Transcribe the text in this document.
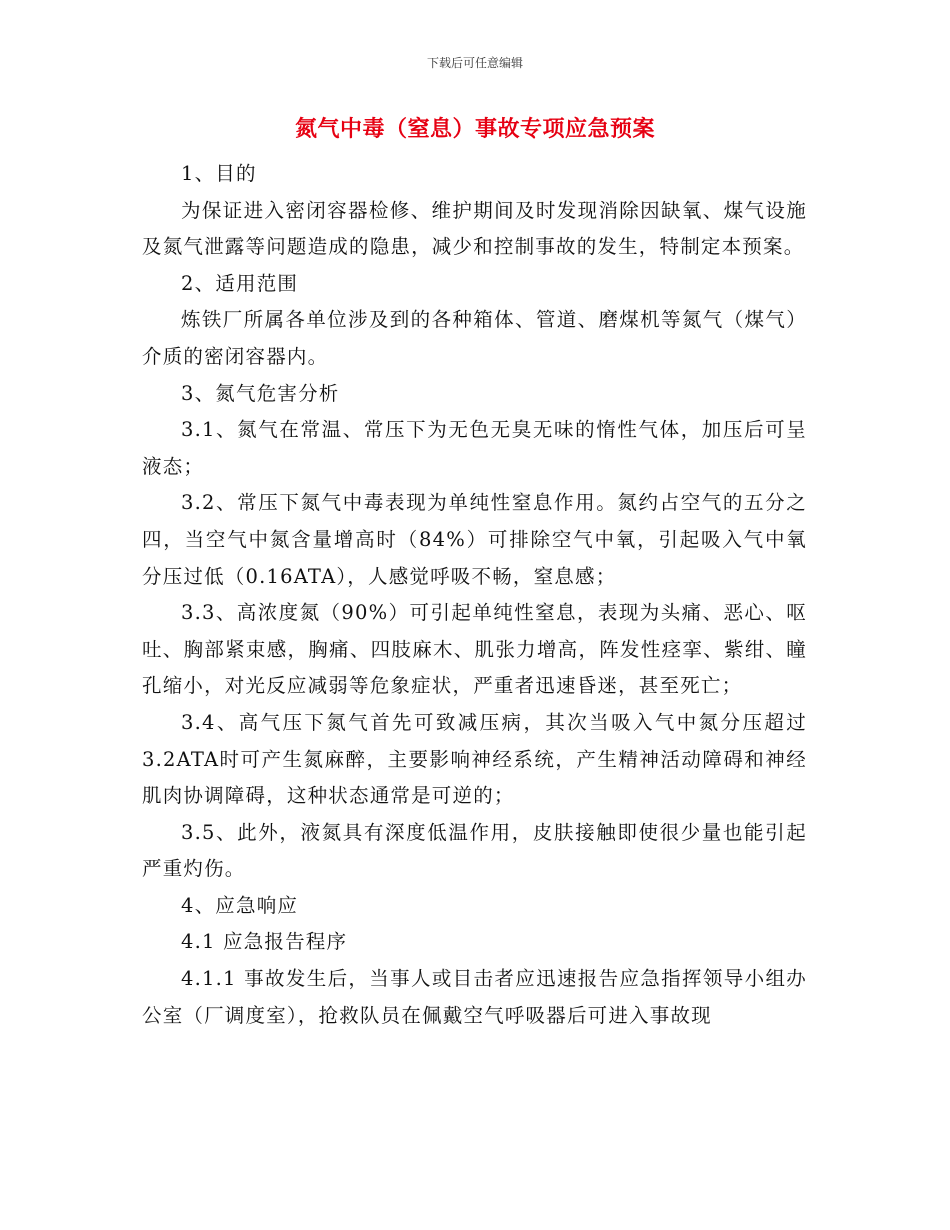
下载后可任意编辑
氮气中毒（窒息）事故专项应急预案

1、目的

为保证进入密闭容器检修、维护期间及时发现消除因缺氧、煤气设施及氮气泄露等问题造成的隐患，减少和控制事故的发生，特制定本预案。

2、适用范围

炼铁厂所属各单位涉及到的各种箱体、管道、磨煤机等氮气（煤气）介质的密闭容器内。

3、氮气危害分析

3.1、氮气在常温、常压下为无色无臭无味的惰性气体，加压后可呈液态；

3.2、常压下氮气中毒表现为单纯性窒息作用。氮约占空气的五分之四，当空气中氮含量增高时（84%）可排除空气中氧，引起吸入气中氧分压过低（0.16ATA），人感觉呼吸不畅，窒息感；

3.3、高浓度氮（90%）可引起单纯性窒息，表现为头痛、恶心、呕吐、胸部紧束感，胸痛、四肢麻木、肌张力增高，阵发性痉挛、紫绀、瞳孔缩小，对光反应减弱等危象症状，严重者迅速昏迷，甚至死亡；

3.4、高气压下氮气首先可致减压病，其次当吸入气中氮分压超过3.2ATA时可产生氮麻醉，主要影响神经系统，产生精神活动障碍和神经肌肉协调障碍，这种状态通常是可逆的；

3.5、此外，液氮具有深度低温作用，皮肤接触即使很少量也能引起严重灼伤。

4、应急响应

4.1 应急报告程序

4.1.1 事故发生后，当事人或目击者应迅速报告应急指挥领导小组办公室（厂调度室），抢救队员在佩戴空气呼吸器后可进入事故现
